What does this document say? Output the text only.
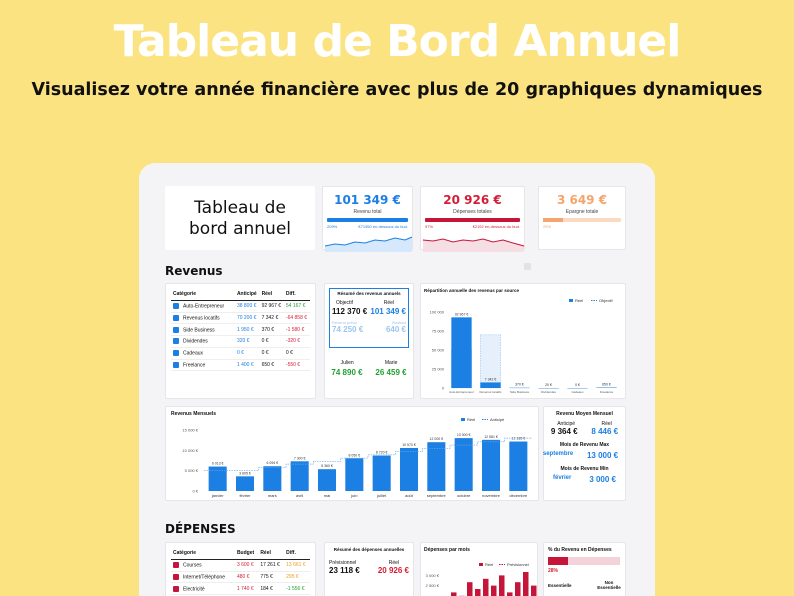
Tableau de Bord Annuel
Visualisez votre année financière avec plus de 20 graphiques dynamiques
Tableau de bord annuel
101 349 €
Revenu total
209%	€71950 en-dessous du bud.
20 926 €
Dépenses totales
97%	€2192 en-dessous du bud.
3 649 €
Epargne totale
25%
Revenus
Catégorie	Anticipé	Réel	Diff.
Auto-Entrepreneur	38 800 €	92 967 €	54 167 €
Revenus locatifs	70 200 €	7 342 €	-64 858 €
Side Business	1 950 €	370 €	-1 580 €
Dividendes	320 €	0 €	-320 €
Cadeaux	0 €	0 €	0 €
Freelance	1 400 €	650 €	-550 €
Résumé des revenus annuels
Objectif	Réel
112 370 € 101 349 €
Revenu prévu	Restant
74 250 €	640 €
Julien	Marie
74 890 € 26 459 €
Répartition annuelle des revenus par source
100 000
75 000
50 000
25 000
0
Réel	Objectif
92 967 €
Auto-Entrepreneur
7 342 €
Revenus locatifs
370 €
Side Business
20 €
Dividendes
0 €
Cadeaux
650 €
Freelance
Revenus Mensuels
15 000 €
10 000 €
5 000 €
0 €
Réel	Anticipé
6 013 €
janvier
3 605 €
février
6 094 €
mars
7 300 €
avril
5 360 €
mai
8 050 €
juin
8 720 €
juillet
10 570 €
août
12 000 €
septembre
13 000 €
octobre
12 581 €
novembre
12 165 €
décembre
Revenu Moyen Mensuel
Anticipé	Réel
9 364 € 8 446 €
Mois de Revenu Max
septembre 13 000 €
Mois de Revenu Min
février 3 000 €
DÉPENSES
Catégorie	Budget	Réel	Diff.
Courses	3 600 €	17 261 €	13 661 €
Internet/Téléphone	480 €	775 €	295 €
Electricité	1 740 €	184 €	-1 556 €
Résumé des dépenses annuelles
Prévisionnel	Réel
23 118 € 20 926 €
Dépenses par mois
Réel	Prévisionnel
3 000 €
2 500 €
% du Revenu en Dépenses
28%
Essentielle
Non Essentielle
